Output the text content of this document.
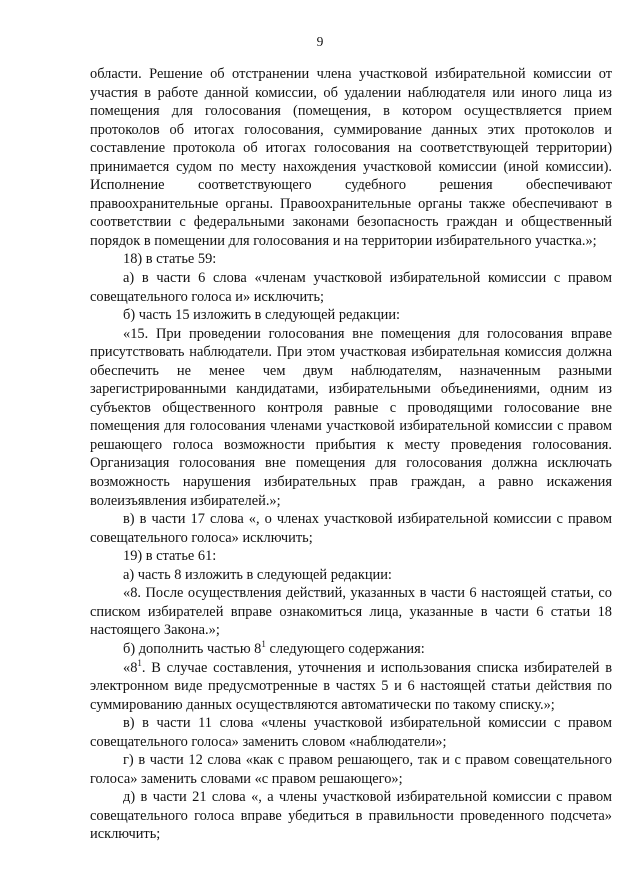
9

области. Решение об отстранении члена участковой избирательной комиссии от участия в работе данной комиссии, об удалении наблюдателя или иного лица из помещения для голосования (помещения, в котором осуществляется прием протоколов об итогах голосования, суммирование данных этих протоколов и составление протокола об итогах голосования на соответствующей территории) принимается судом по месту нахождения участковой комиссии (иной комиссии). Исполнение соответствующего судебного решения обеспечивают правоохранительные органы. Правоохранительные органы также обеспечивают в соответствии с федеральными законами безопасность граждан и общественный порядок в помещении для голосования и на территории избирательного участка.»;

18) в статье 59:

а) в части 6 слова «членам участковой избирательной комиссии с правом совещательного голоса и» исключить;

б) часть 15 изложить в следующей редакции:

«15. При проведении голосования вне помещения для голосования вправе присутствовать наблюдатели. При этом участковая избирательная комиссия должна обеспечить не менее чем двум наблюдателям, назначенным разными зарегистрированными кандидатами, избирательными объединениями, одним из субъектов общественного контроля равные с проводящими голосование вне помещения для голосования членами участковой избирательной комиссии с правом решающего голоса возможности прибытия к месту проведения голосования. Организация голосования вне помещения для голосования должна исключать возможность нарушения избирательных прав граждан, а равно искажения волеизъявления избирателей.»;

в) в части 17 слова «, о членах участковой избирательной комиссии с правом совещательного голоса» исключить;

19) в статье 61:

а) часть 8 изложить в следующей редакции:

«8. После осуществления действий, указанных в части 6 настоящей статьи, со списком избирателей вправе ознакомиться лица, указанные в части 6 статьи 18 настоящего Закона.»;

б) дополнить частью $8^1$ следующего содержания:

«$8^1$. В случае составления, уточнения и использования списка избирателей в электронном виде предусмотренные в частях 5 и 6 настоящей статьи действия по суммированию данных осуществляются автоматически по такому списку.»;

в) в части 11 слова «члены участковой избирательной комиссии с правом совещательного голоса» заменить словом «наблюдатели»;

г) в части 12 слова «как с правом решающего, так и с правом совещательного голоса» заменить словами «с правом решающего»;

д) в части 21 слова «, а члены участковой избирательной комиссии с правом совещательного голоса вправе убедиться в правильности проведенного подсчета» исключить;
